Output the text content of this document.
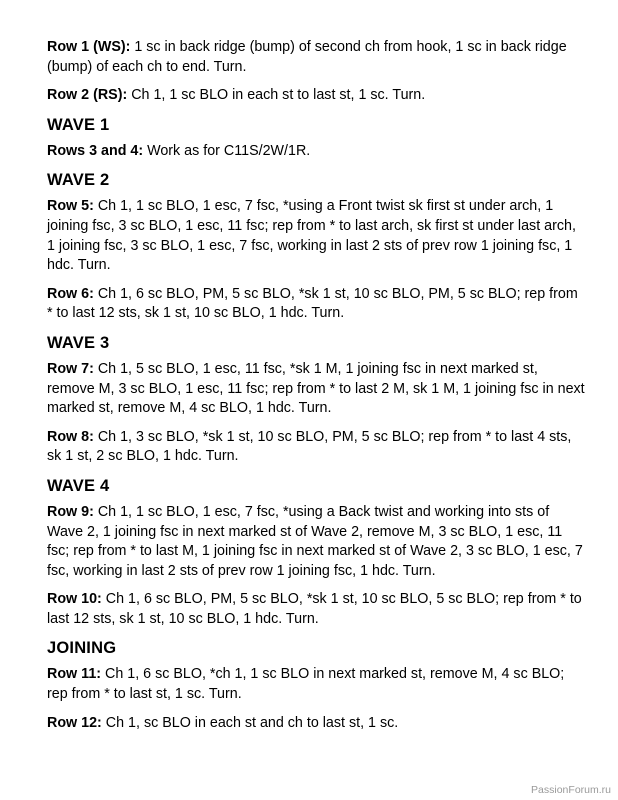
Row 1 (WS): 1 sc in back ridge (bump) of second ch from hook, 1 sc in back ridge (bump) of each ch to end. Turn.

Row 2 (RS): Ch 1, 1 sc BLO in each st to last st, 1 sc. Turn.

WAVE 1

Rows 3 and 4: Work as for C11S/2W/1R.

WAVE 2

Row 5: Ch 1, 1 sc BLO, 1 esc, 7 fsc, *using a Front twist sk first st under arch, 1 joining fsc, 3 sc BLO, 1 esc, 11 fsc; rep from * to last arch, sk first st under last arch, 1 joining fsc, 3 sc BLO, 1 esc, 7 fsc, working in last 2 sts of prev row 1 joining fsc, 1 hdc. Turn.

Row 6: Ch 1, 6 sc BLO, PM, 5 sc BLO, *sk 1 st, 10 sc BLO, PM, 5 sc BLO; rep from * to last 12 sts, sk 1 st, 10 sc BLO, 1 hdc. Turn.

WAVE 3

Row 7: Ch 1, 5 sc BLO, 1 esc, 11 fsc, *sk 1 M, 1 joining fsc in next marked st, remove M, 3 sc BLO, 1 esc, 11 fsc; rep from * to last 2 M, sk 1 M, 1 joining fsc in next marked st, remove M, 4 sc BLO, 1 hdc. Turn.

Row 8: Ch 1, 3 sc BLO, *sk 1 st, 10 sc BLO, PM, 5 sc BLO; rep from * to last 4 sts, sk 1 st, 2 sc BLO, 1 hdc. Turn.

WAVE 4

Row 9: Ch 1, 1 sc BLO, 1 esc, 7 fsc, *using a Back twist and working into sts of Wave 2, 1 joining fsc in next marked st of Wave 2, remove M, 3 sc BLO, 1 esc, 11 fsc; rep from * to last M, 1 joining fsc in next marked st of Wave 2, 3 sc BLO, 1 esc, 7 fsc, working in last 2 sts of prev row 1 joining fsc, 1 hdc. Turn.

Row 10: Ch 1, 6 sc BLO, PM, 5 sc BLO, *sk 1 st, 10 sc BLO, 5 sc BLO; rep from * to last 12 sts, sk 1 st, 10 sc BLO, 1 hdc. Turn.

JOINING

Row 11: Ch 1, 6 sc BLO, *ch 1, 1 sc BLO in next marked st, remove M, 4 sc BLO; rep from * to last st, 1 sc. Turn.

Row 12: Ch 1, sc BLO in each st and ch to last st, 1 sc.

PassionForum.ru
